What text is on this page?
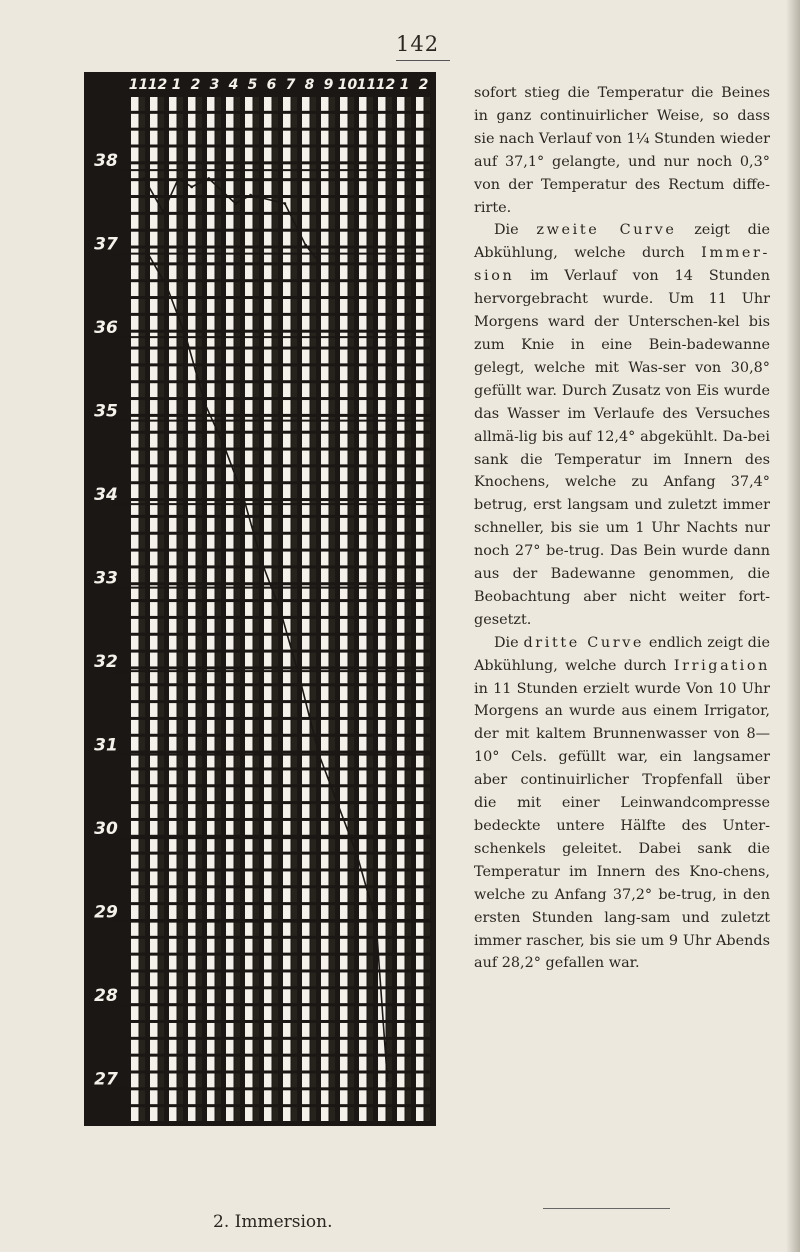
142
38
37
36
35
34
33
32
31
30
29
28
27
11 12 1 2 3 4 5 6 7 8 9 10 11 12 1 2
2. Immersion.

sofort stieg die Temperatur die Beines in ganz continuirlicher Weise, so dass sie nach Verlauf von 1¼ Stunden wieder auf 37,1° gelangte, und nur noch 0,3° von der Temperatur des Rectum diffe-rirte.

Die zweite Curve zeigt die Abkühlung, welche durch Immer-sion im Verlauf von 14 Stunden hervorgebracht wurde. Um 11 Uhr Morgens ward der Unterschen-kel bis zum Knie in eine Bein-badewanne gelegt, welche mit Was-ser von 30,8° gefüllt war. Durch Zusatz von Eis wurde das Wasser im Verlaufe des Versuches allmä-lig bis auf 12,4° abgekühlt. Da-bei sank die Temperatur im Innern des Knochens, welche zu Anfang 37,4° betrug, erst langsam und zuletzt immer schneller, bis sie um 1 Uhr Nachts nur noch 27° be-trug. Das Bein wurde dann aus der Badewanne genommen, die Beobachtung aber nicht weiter fort-gesetzt.

Die dritte Curve endlich zeigt die Abkühlung, welche durch Irrigation in 11 Stunden erzielt wurde Von 10 Uhr Morgens an wurde aus einem Irrigator, der mit kaltem Brunnenwasser von 8—10° Cels. gefüllt war, ein langsamer aber continuirlicher Tropfenfall über die mit einer Leinwandcompresse bedeckte untere Hälfte des Unter-schenkels geleitet. Dabei sank die Temperatur im Innern des Kno-chens, welche zu Anfang 37,2° be-trug, in den ersten Stunden lang-sam und zuletzt immer rascher, bis sie um 9 Uhr Abends auf 28,2° gefallen war.
